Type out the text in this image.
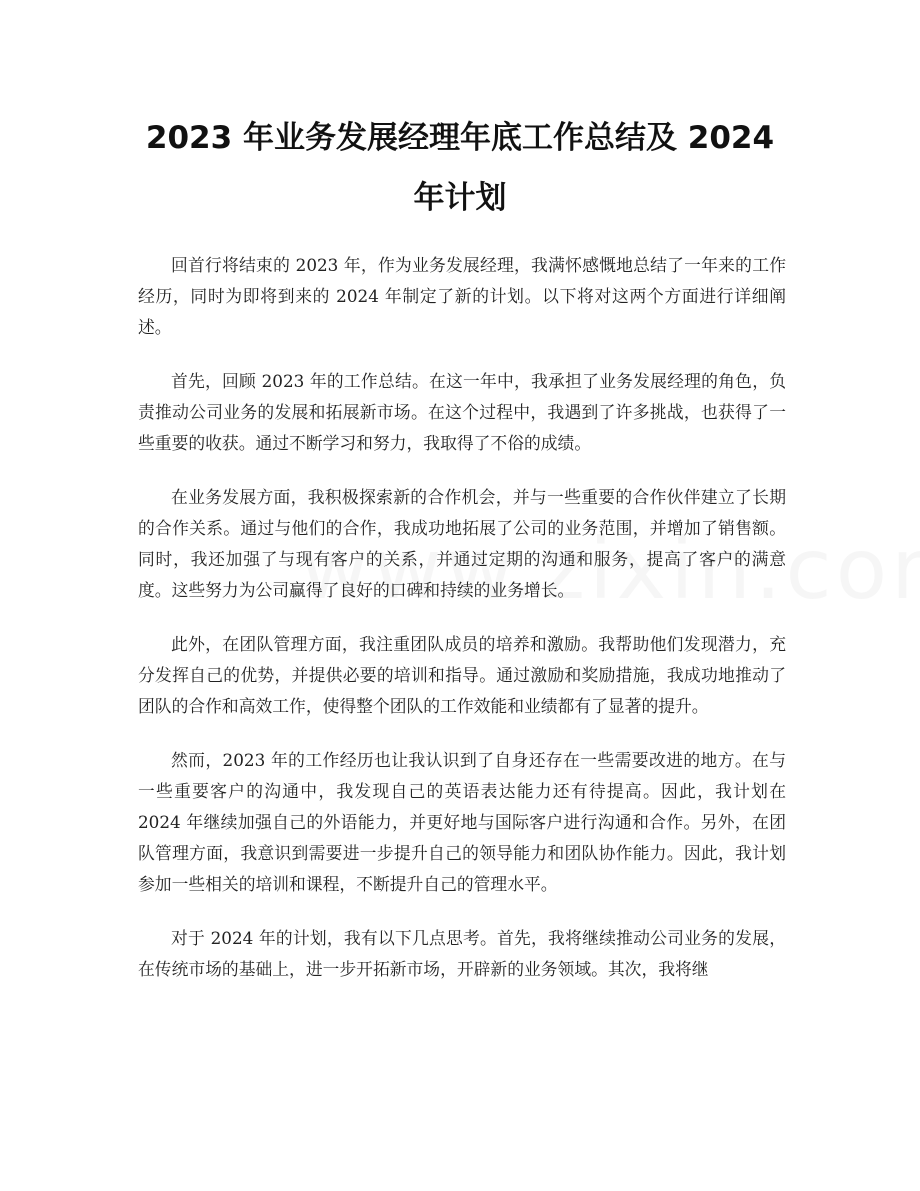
2023 年业务发展经理年底工作总结及 2024
年计划

回首行将结束的 2023 年，作为业务发展经理，我满怀感慨地总结了一年来的工作经历，同时为即将到来的 2024 年制定了新的计划。以下将对这两个方面进行详细阐述。

首先，回顾 2023 年的工作总结。在这一年中，我承担了业务发展经理的角色，负责推动公司业务的发展和拓展新市场。在这个过程中，我遇到了许多挑战，也获得了一些重要的收获。通过不断学习和努力，我取得了不俗的成绩。

在业务发展方面，我积极探索新的合作机会，并与一些重要的合作伙伴建立了长期的合作关系。通过与他们的合作，我成功地拓展了公司的业务范围，并增加了销售额。同时，我还加强了与现有客户的关系，并通过定期的沟通和服务，提高了客户的满意度。这些努力为公司赢得了良好的口碑和持续的业务增长。

此外，在团队管理方面，我注重团队成员的培养和激励。我帮助他们发现潜力，充分发挥自己的优势，并提供必要的培训和指导。通过激励和奖励措施，我成功地推动了团队的合作和高效工作，使得整个团队的工作效能和业绩都有了显著的提升。

然而，2023 年的工作经历也让我认识到了自身还存在一些需要改进的地方。在与一些重要客户的沟通中，我发现自己的英语表达能力还有待提高。因此，我计划在 2024 年继续加强自己的外语能力，并更好地与国际客户进行沟通和合作。另外，在团队管理方面，我意识到需要进一步提升自己的领导能力和团队协作能力。因此，我计划参加一些相关的培训和课程，不断提升自己的管理水平。

对于 2024 年的计划，我有以下几点思考。首先，我将继续推动公司业务的发展，在传统市场的基础上，进一步开拓新市场，开辟新的业务领域。其次，我将继
